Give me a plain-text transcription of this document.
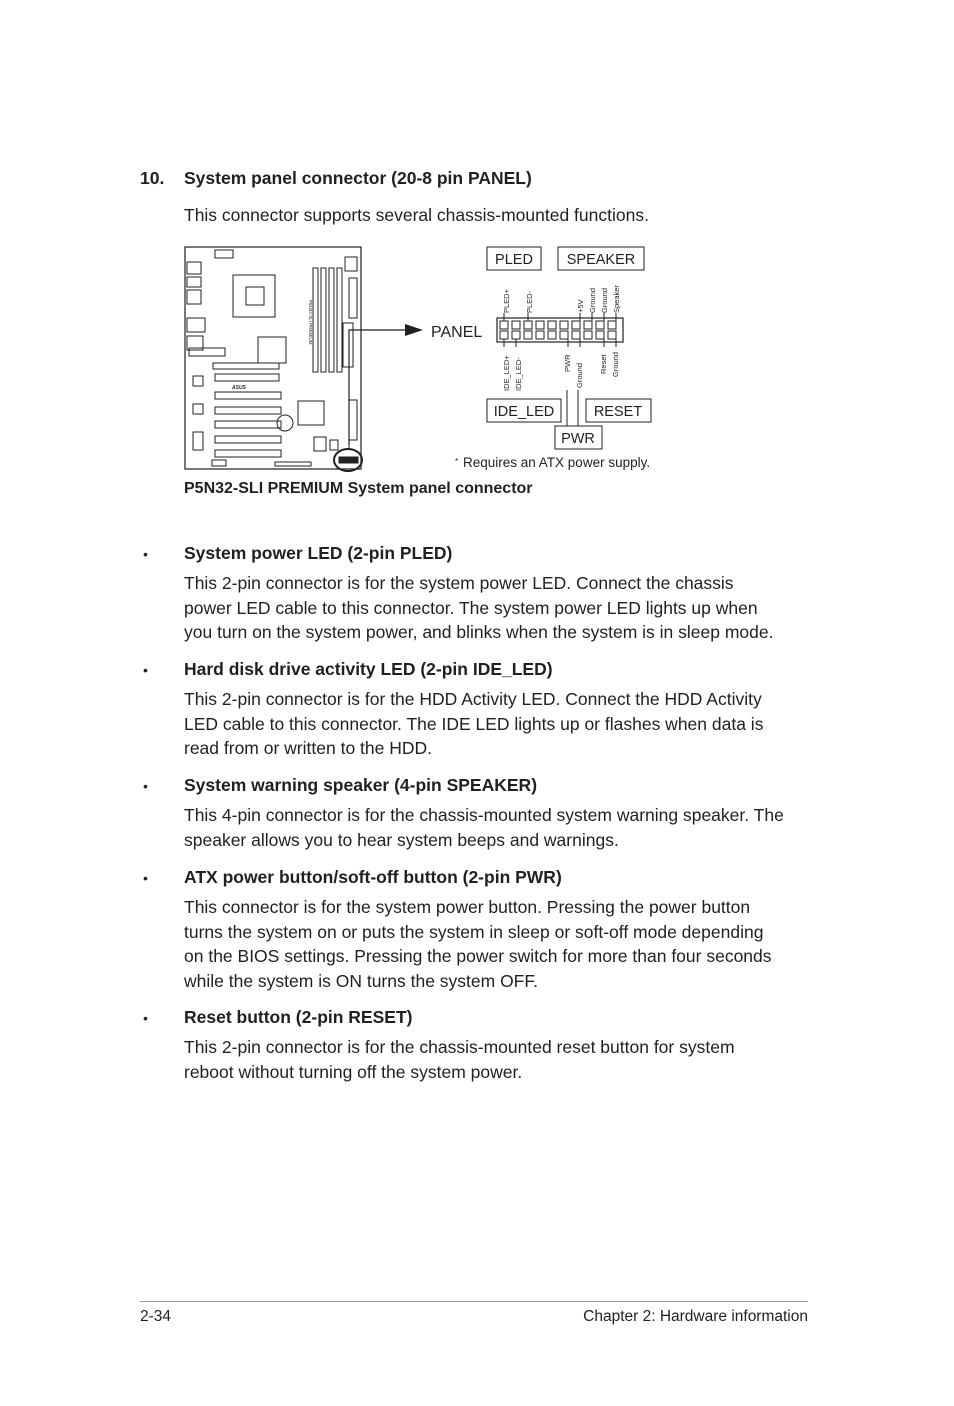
10. System panel connector (20-8 pin PANEL)
This connector supports several chassis-mounted functions.
ASUS
P5N32-SLI PREMIUM	PANEL
PLED SPEAKER
PLED+ PLED-	+5V Ground Ground Speaker
IDE_LED+ IDE_LED-	PWR Ground Reset Ground
IDE_LED	RESET
PWR
* Requires an ATX power supply.
P5N32-SLI PREMIUM System panel connector
• System power LED (2-pin PLED)
This 2-pin connector is for the system power LED. Connect the chassis
power LED cable to this connector. The system power LED lights up when
you turn on the system power, and blinks when the system is in sleep mode.
• Hard disk drive activity LED (2-pin IDE_LED)
This 2-pin connector is for the HDD Activity LED. Connect the HDD Activity
LED cable to this connector. The IDE LED lights up or flashes when data is
read from or written to the HDD.
• System warning speaker (4-pin SPEAKER)
This 4-pin connector is for the chassis-mounted system warning speaker. The
speaker allows you to hear system beeps and warnings.
• ATX power button/soft-off button (2-pin PWR)
This connector is for the system power button. Pressing the power button
turns the system on or puts the system in sleep or soft-off mode depending
on the BIOS settings. Pressing the power switch for more than four seconds
while the system is ON turns the system OFF.
• Reset button (2-pin RESET)
This 2-pin connector is for the chassis-mounted reset button for system
reboot without turning off the system power.
2-34	Chapter 2: Hardware information
